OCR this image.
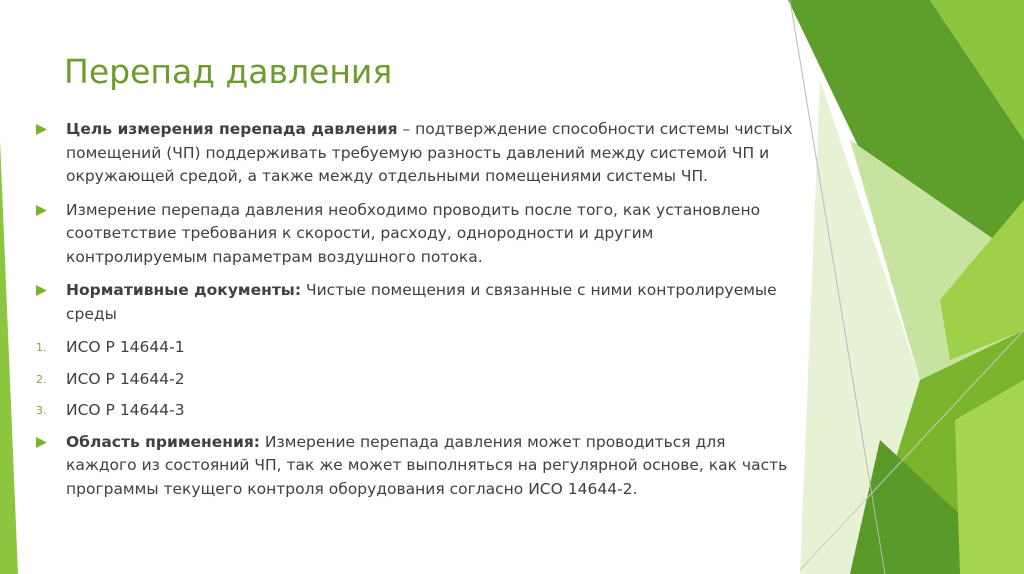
Перепад давления
Цель измерения перепада давления – подтверждение способности системы чистых помещений (ЧП) поддерживать требуемую разность давлений между системой ЧП и окружающей средой, а также между отдельными помещениями системы ЧП.
Измерение перепада давления необходимо проводить после того, как установлено соответствие требования к скорости, расходу, однородности и другим контролируемым параметрам воздушного потока.
Нормативные документы: Чистые помещения и связанные с ними контролируемые среды
1. ИСО Р 14644-1
2. ИСО Р 14644-2
3. ИСО Р 14644-3
Область применения: Измерение перепада давления может проводиться для каждого из состояний ЧП, так же может выполняться на регулярной основе, как часть программы текущего контроля оборудования согласно ИСО 14644-2.
